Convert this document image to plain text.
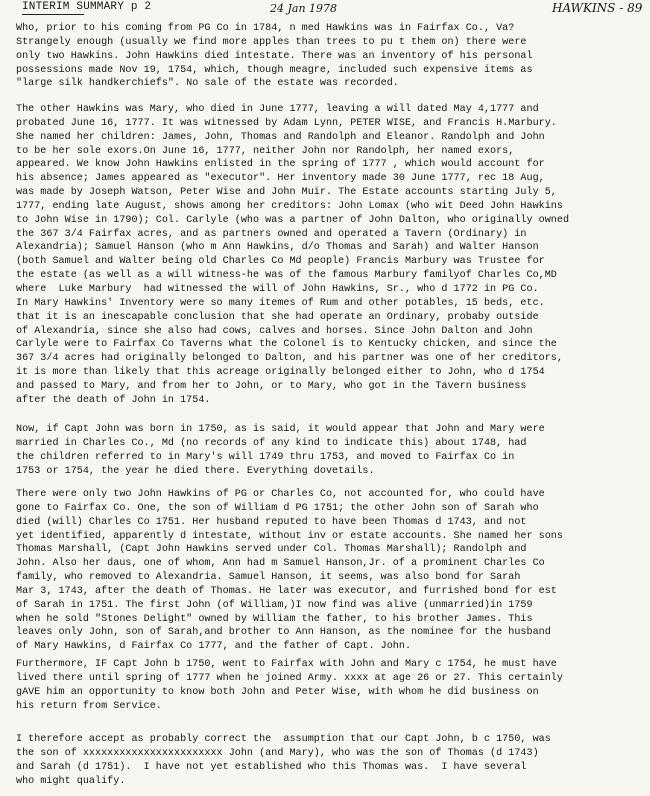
INTERIM SUMMARY p 2	24 Jan 1978	HAWKINS - 89
Who, prior to his coming from PG Co in 1784, n med Hawkins was in Fairfax Co., Va?
Strangely enough (usually we find more apples than trees to pu t them on) there were
only two Hawkins. John Hawkins died intestate. There was an inventory of his personal
possessions made Nov 19, 1754, which, though meagre, included such expensive items as
"large silk handkerchiefs". No sale of the estate was recorded.
The other Hawkins was Mary, who died in June 1777, leaving a will dated May 4,1777 and
probated June 16, 1777. It was witnessed by Adam Lynn, PETER WISE, and Francis H.Marbury.
She named her children: James, John, Thomas and Randolph and Eleanor. Randolph and John
to be her sole exors.On June 16, 1777, neither John nor Randolph, her named exors,
appeared. We know John Hawkins enlisted in the spring of 1777 , which would account for
his absence; James appeared as "executor". Her inventory made 30 June 1777, rec 18 Aug,
was made by Joseph Watson, Peter Wise and John Muir. The Estate accounts starting July 5,
1777, ending late August, shows among her creditors: John Lomax (who wit Deed John Hawkins
to John Wise in 1790); Col. Carlyle (who was a partner of John Dalton, who originally owned
the 367 3/4 Fairfax acres, and as partners owned and operated a Tavern (Ordinary) in
Alexandria); Samuel Hanson (who m Ann Hawkins, d/o Thomas and Sarah) and Walter Hanson
(both Samuel and Walter being old Charles Co Md people) Francis Marbury was Trustee for
the estate (as well as a will witness-he was of the famous Marbury familyof Charles Co,MD
where  Luke Marbury  had witnessed the will of John Hawkins, Sr., who d 1772 in PG Co.
In Mary Hawkins' Inventory were so many itemes of Rum and other potables, 15 beds, etc.
that it is an inescapable conclusion that she had operate an Ordinary, probaby outside
of Alexandria, since she also had cows, calves and horses. Since John Dalton and John
Carlyle were to Fairfax Co Taverns what the Colonel is to Kentucky chicken, and since the
367 3/4 acres had originally belonged to Dalton, and his partner was one of her creditors,
it is more than likely that this acreage originally belonged either to John, who d 1754
and passed to Mary, and from her to John, or to Mary, who got in the Tavern business
after the death of John in 1754.
Now, if Capt John was born in 1750, as is said, it would appear that John and Mary were
married in Charles Co., Md (no records of any kind to indicate this) about 1748, had
the children referred to in Mary's will 1749 thru 1753, and moved to Fairfax Co in
1753 or 1754, the year he died there. Everything dovetails.
There were only two John Hawkins of PG or Charles Co, not accounted for, who could have
gone to Fairfax Co. One, the son of William d PG 1751; the other John son of Sarah who
died (will) Charles Co 1751. Her husband reputed to have been Thomas d 1743, and not
yet identified, apparently d intestate, without inv or estate accounts. She named her sons
Thomas Marshall, (Capt John Hawkins served under Col. Thomas Marshall); Randolph and
John. Also her daus, one of whom, Ann had m Samuel Hanson,Jr. of a prominent Charles Co
family, who removed to Alexandria. Samuel Hanson, it seems, was also bond for Sarah
Mar 3, 1743, after the death of Thomas. He later was executor, and furrished bond for est
of Sarah in 1751. The first John (of William,)I now find was alive (unmarried)in 1759
when he sold "Stones Delight" owned by William the father, to his brother James. This
leaves only John, son of Sarah,and brother to Ann Hanson, as the nominee for the husband
of Mary Hawkins, d Fairfax Co 1777, and the father of Capt. John.
Furthermore, IF Capt John b 1750, went to Fairfax with John and Mary c 1754, he must have
lived there until spring of 1777 when he joined Army. xxxx at age 26 or 27. This certainly
gAVE him an opportunity to know both John and Peter Wise, with whom he did business on
his return from Service.
I therefore accept as probably correct the  assumption that our Capt John, b c 1750, was
the son of xxxxxxxxxxxxxxxxxxxxxxx John (and Mary), who was the son of Thomas (d 1743)
and Sarah (d 1751).  I have not yet established who this Thomas was.  I have several
who might qualify.
